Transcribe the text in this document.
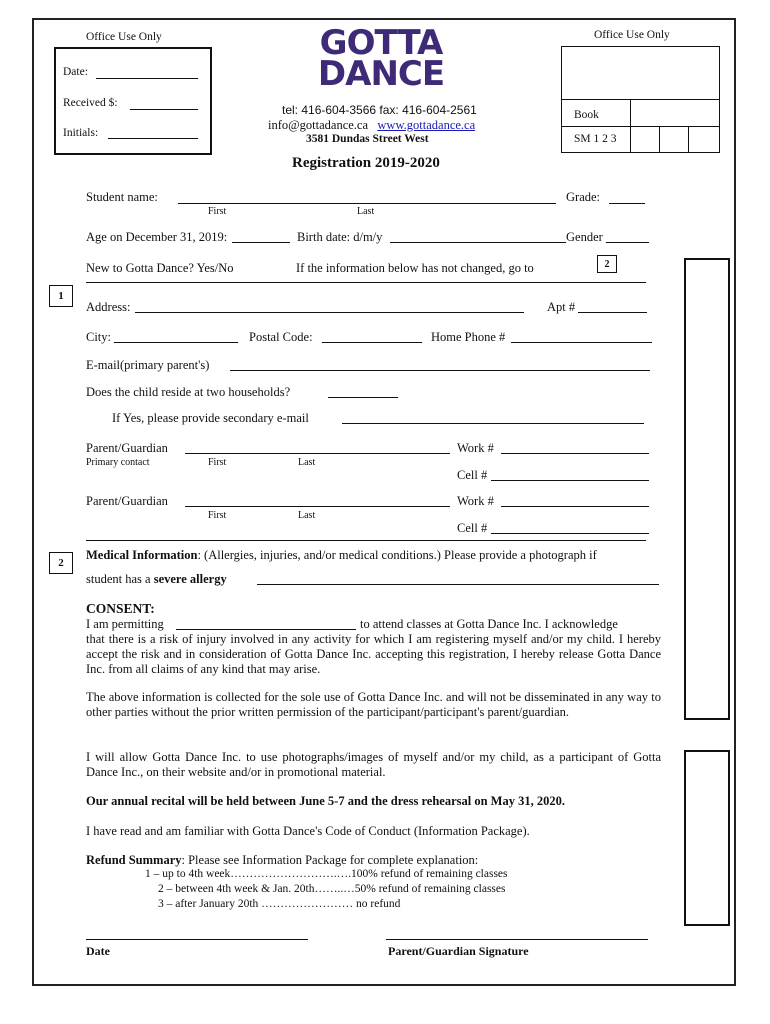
Office Use Only
Date:
Received $:
Initials:
GOTTA
DANCE
tel: 416-604-3566 fax: 416-604-2561
info@gottadance.ca www.gottadance.ca
3581 Dundas Street West
Office Use Only
Book
SM 1 2 3
Registration 2019-2020
Student name:
First	Last
Grade:
Age on December 31, 2019:	Birth date: d/m/y	Gender
New to Gotta Dance? Yes/No	If the information below has not changed, go to	2
1
Address:	Apt #
City:	Postal Code:	Home Phone #
E-mail(primary parent's)
Does the child reside at two households?
If Yes, please provide secondary e-mail
Parent/Guardian
Primary contact	First	Last
Work #
Cell #
Parent/Guardian
First	Last
Work #
Cell #
2
Medical Information: (Allergies, injuries, and/or medical conditions.) Please provide a photograph if
student has a severe allergy
CONSENT:
I am permitting	to attend classes at Gotta Dance Inc. I acknowledge
that there is a risk of injury involved in any activity for which I am registering myself and/or my child. I hereby accept the risk and in consideration of Gotta Dance Inc. accepting this registration, I hereby release Gotta Dance Inc. from all claims of any kind that may arise.
The above information is collected for the sole use of Gotta Dance Inc. and will not be disseminated in any way to other parties without the prior written permission of the participant/participant's parent/guardian.
I will allow Gotta Dance Inc. to use photographs/images of myself and/or my child, as a participant of Gotta Dance Inc., on their website and/or in promotional material.
Our annual recital will be held between June 5-7 and the dress rehearsal on May 31, 2020.
I have read and am familiar with Gotta Dance's Code of Conduct (Information Package).
Refund Summary: Please see Information Package for complete explanation:
1 – up to 4th week……………………….….100% refund of remaining classes
2 – between 4th week & Jan. 20th……..…50% refund of remaining classes
3 – after January 20th …………………… no refund
Date	Parent/Guardian Signature
